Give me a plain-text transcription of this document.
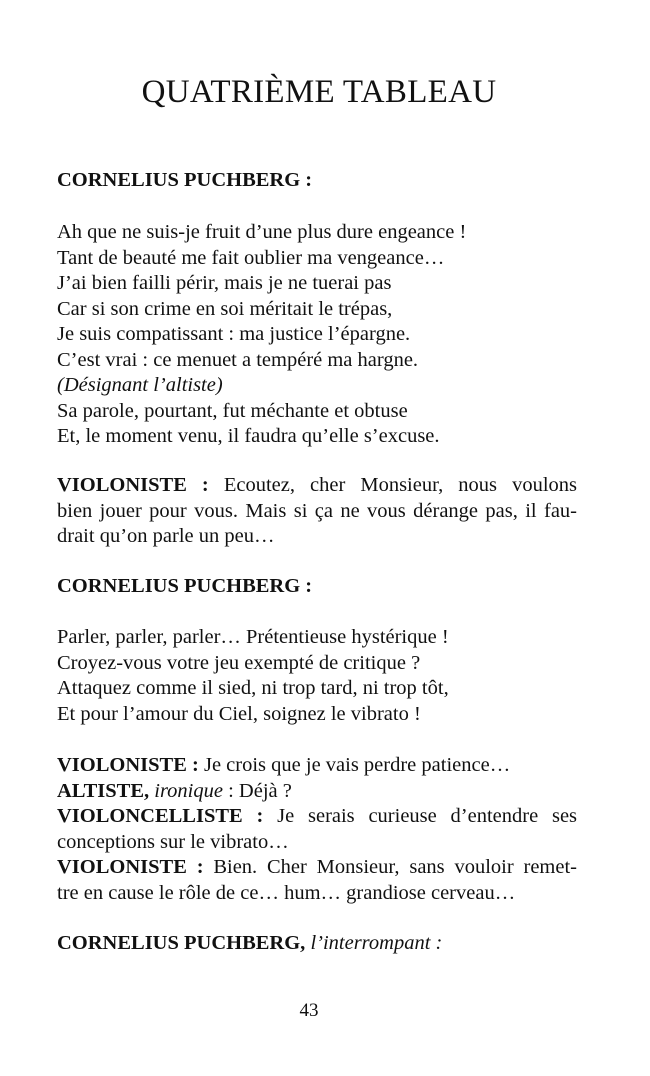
QUATRIÈME TABLEAU
CORNELIUS PUCHBERG :
Ah que ne suis-je fruit d’une plus dure engeance !
Tant de beauté me fait oublier ma vengeance…
J’ai bien failli périr, mais je ne tuerai pas
Car si son crime en soi méritait le trépas,
Je suis compatissant : ma justice l’épargne.
C’est vrai : ce menuet a tempéré ma hargne.
(Désignant l’altiste)
Sa parole, pourtant, fut méchante et obtuse
Et, le moment venu, il faudra qu’elle s’excuse.
VIOLONISTE : Ecoutez, cher Monsieur, nous voulons
bien jouer pour vous. Mais si ça ne vous dérange pas, il fau-
drait qu’on parle un peu…
CORNELIUS PUCHBERG :
Parler, parler, parler… Prétentieuse hystérique !
Croyez-vous votre jeu exempté de critique ?
Attaquez comme il sied, ni trop tard, ni trop tôt,
Et pour l’amour du Ciel, soignez le vibrato !
VIOLONISTE : Je crois que je vais perdre patience…
ALTISTE, ironique : Déjà ?
VIOLONCELLISTE : Je serais curieuse d’entendre ses
conceptions sur le vibrato…
VIOLONISTE : Bien. Cher Monsieur, sans vouloir remet-
tre en cause le rôle de ce… hum… grandiose cerveau…
CORNELIUS PUCHBERG, l’interrompant :
43
